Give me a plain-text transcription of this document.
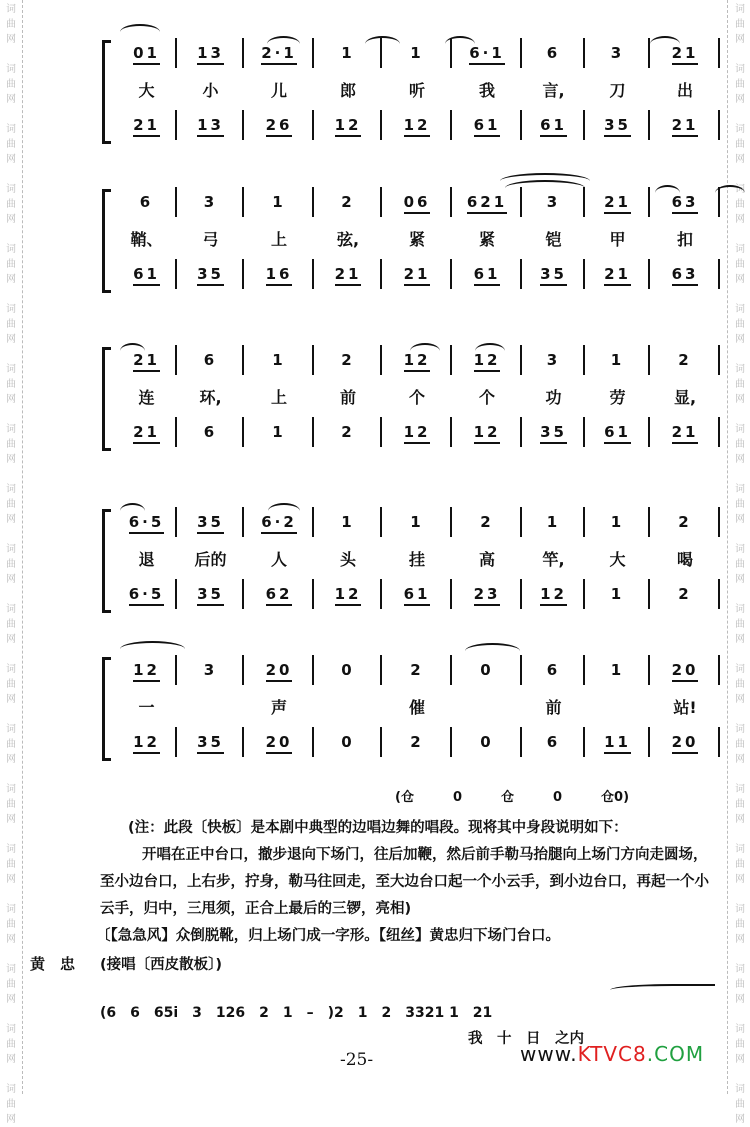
词曲网
词曲网
词曲网
词曲网
词曲网
词曲网
词曲网
词曲网
词曲网
词曲网
词曲网
词曲网
词曲网
词曲网
词曲网
词曲网
词曲网
词曲网
词曲网
词曲网
词曲网
词曲网
词曲网
词曲网
词曲网
词曲网
词曲网
词曲网
词曲网
词曲网
词曲网
词曲网
词曲网
词曲网
词曲网
词曲网
词曲网
词曲网
01
大
21
13
小
13
2·1
儿
26
1
郎
12
1
听
12
6·1
我
61
6
言,
61
3
刀
35
21
出
21
6
鞘、
61
3
弓
35
1
上
16
2
弦,
21
06
紧
21
621
紧
61
3
铠
35
21
甲
21
63
扣
63
21
连
21
6
环,
6
1
上
1
2
前
2
12
个
12
12
个
12
3
功
35
1
劳
61
2
显,
21
6·5
退
6·5
35
后的
35
6·2
人
62
1
头
12
1
挂
61
2
高
23
1
竿,
12
1
大
1
2
喝
2
12
一
12
3
35
20
声
20
0
0
2
催
2
0
0
6
前
6
1
11
20
站!
20
(仓　　　0　　　仓　　　0　　　仓0)
(注：此段〔快板〕是本剧中典型的边唱边舞的唱段。现将其中身段说明如下：
开唱在正中台口，撤步退向下场门，往后加鞭，然后前手勒马抬腿向上场门方向走圆场，至小边台口，上右步，拧身，勒马往回走，至大边台口起一个小云手，到小边台口，再起一个小云手，归中，三甩须，正合上最后的三锣，亮相)
〔【急急风】众倒脱靴，归上场门成一字形。【纽丝】黄忠归下场门台口。
黄　忠 (接唱〔西皮散板〕)
(6　6　65i　3　126　2　1　–　)2　1　2　3321 1　21
我　十　日　之内
-25-	www.KTVC8.COM
